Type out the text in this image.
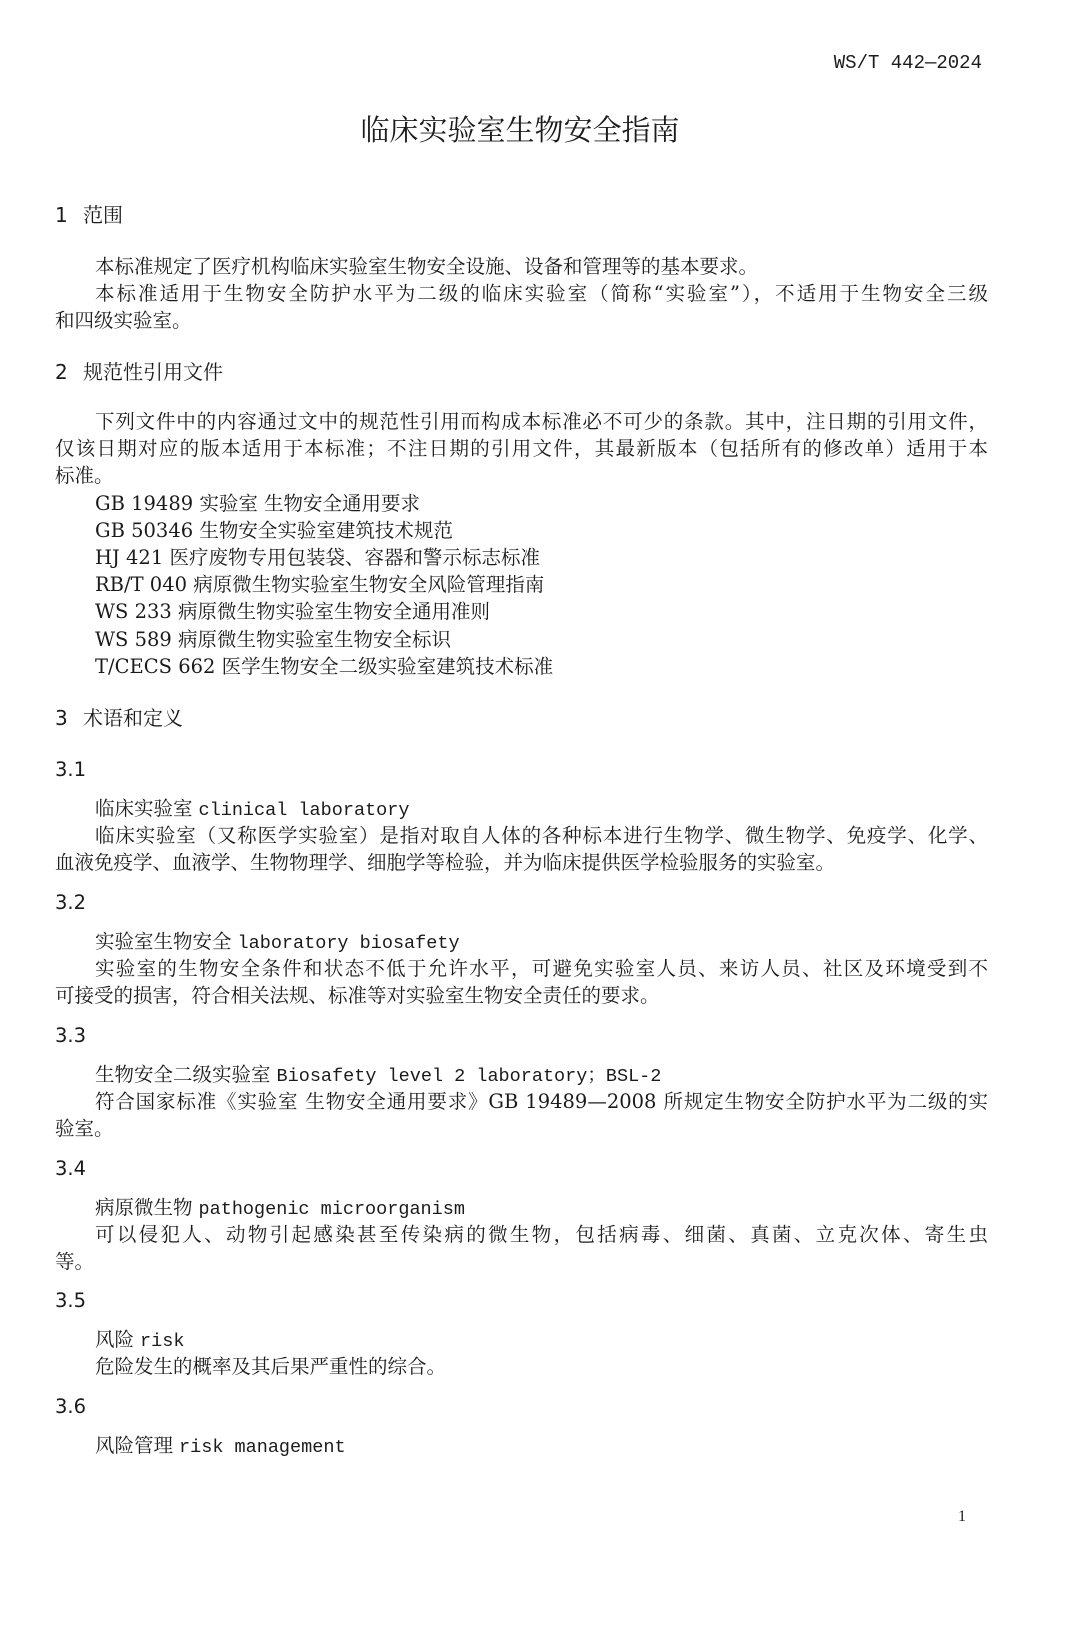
WS/T 442—2024
临床实验室生物安全指南
1 范围
本标准规定了医疗机构临床实验室生物安全设施、设备和管理等的基本要求。
本标准适用于生物安全防护水平为二级的临床实验室（简称“实验室”），不适用于生物安全三级
和四级实验室。
2 规范性引用文件
下列文件中的内容通过文中的规范性引用而构成本标准必不可少的条款。其中，注日期的引用文件，
仅该日期对应的版本适用于本标准；不注日期的引用文件，其最新版本（包括所有的修改单）适用于本
标准。
GB 19489 实验室 生物安全通用要求
GB 50346 生物安全实验室建筑技术规范
HJ 421 医疗废物专用包装袋、容器和警示标志标准
RB/T 040 病原微生物实验室生物安全风险管理指南
WS 233 病原微生物实验室生物安全通用准则
WS 589 病原微生物实验室生物安全标识
T/CECS 662 医学生物安全二级实验室建筑技术标准
3 术语和定义
3.1
临床实验室 clinical laboratory
临床实验室（又称医学实验室）是指对取自人体的各种标本进行生物学、微生物学、免疫学、化学、
血液免疫学、血液学、生物物理学、细胞学等检验，并为临床提供医学检验服务的实验室。
3.2
实验室生物安全 laboratory biosafety
实验室的生物安全条件和状态不低于允许水平，可避免实验室人员、来访人员、社区及环境受到不
可接受的损害，符合相关法规、标准等对实验室生物安全责任的要求。
3.3
生物安全二级实验室 Biosafety level 2 laboratory；BSL-2
符合国家标准《实验室 生物安全通用要求》GB 19489—2008 所规定生物安全防护水平为二级的实
验室。
3.4
病原微生物 pathogenic microorganism
可以侵犯人、动物引起感染甚至传染病的微生物，包括病毒、细菌、真菌、立克次体、寄生虫
等。
3.5
风险 risk
危险发生的概率及其后果严重性的综合。
3.6
风险管理 risk management
1
